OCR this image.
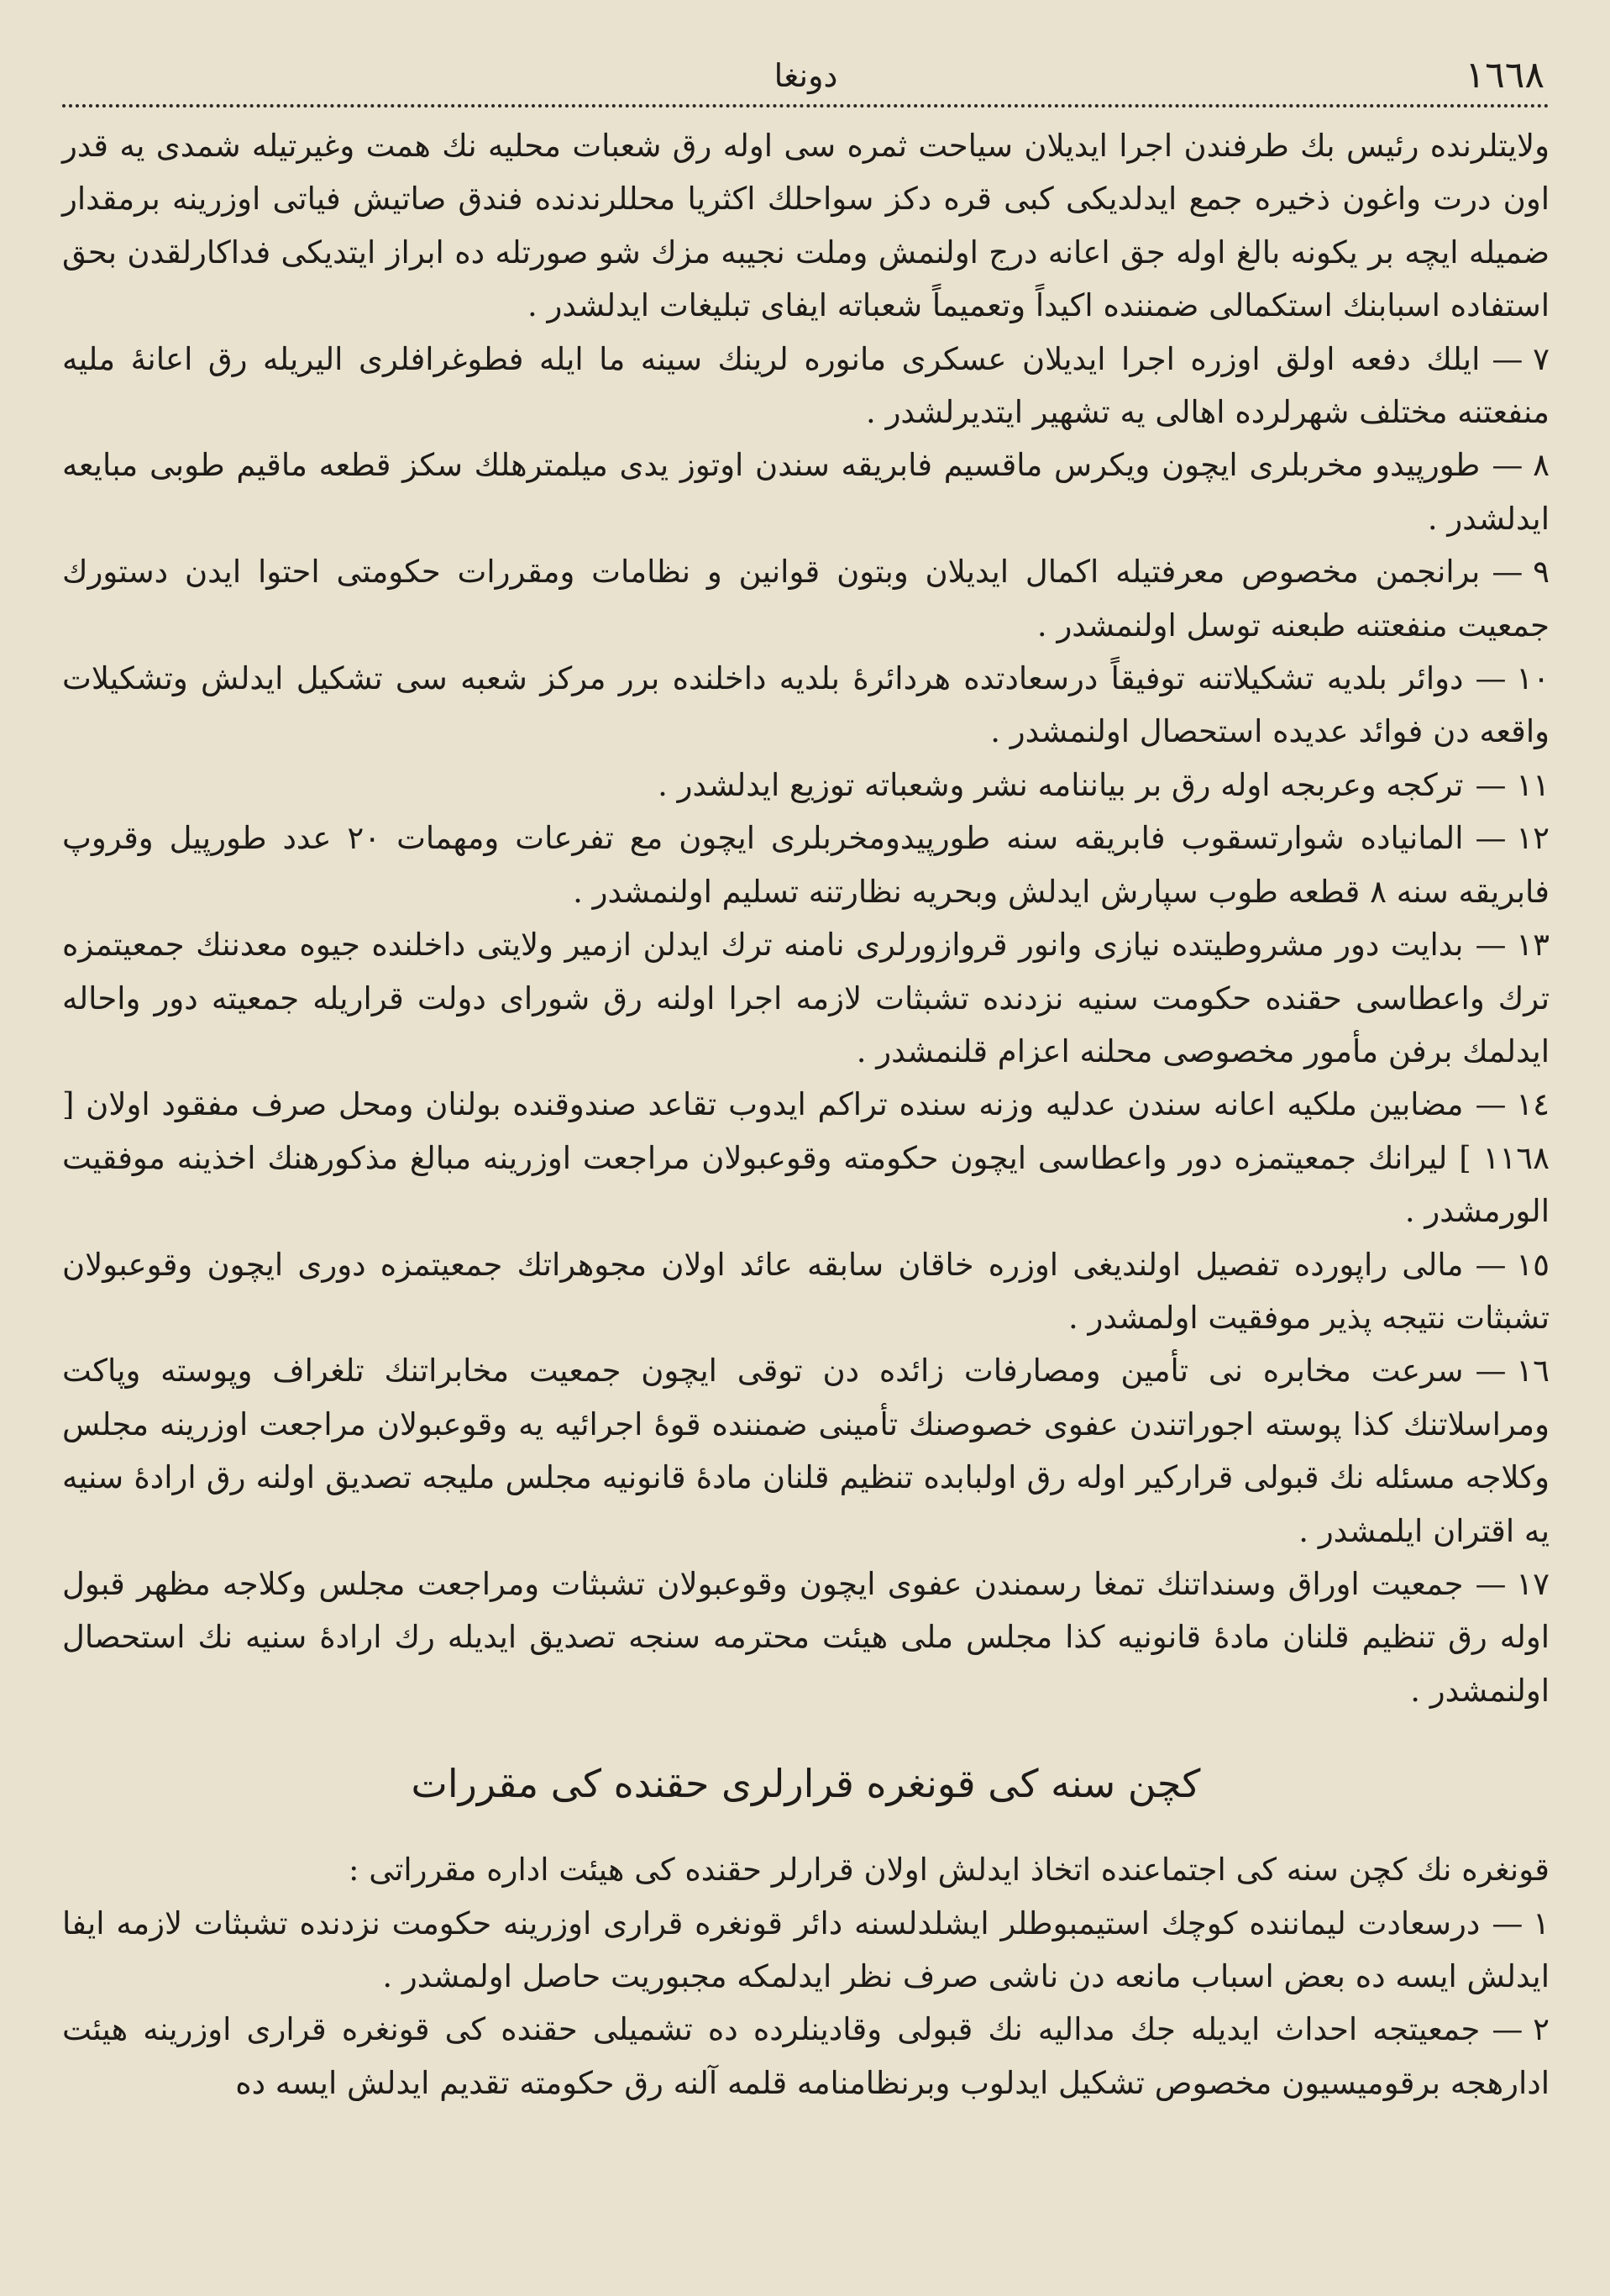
١٦٦٨
دونغا

ولايتلرنده رئيس بك طرفندن اجرا ايديلان سياحت ثمره سی اوله رق شعبات محليه نك همت وغيرتيله شمدی يه قدر اون درت واغون ذخيره جمع ايدلديکی کبی قره دکز سواحلك اکثريا محللرندنده فندق صاتيش فياتی اوزرينه برمقدار ضميله ايچه بر يکونه بالغ اوله جق اعانه درج اولنمش وملت نجيبه مزك شو صورتله ده ابراز ايتديکی فداکارلقدن بحق استفاده اسبابنك استکمالی ضمننده اکيداً وتعميماً شعباته ايفای تبليغات ايدلشدر .

٧ —ايلك دفعه اولق اوزره اجرا ايديلان عسکری مانوره لرينك سينه ما ايله فطوغرافلری اليريله رق اعانهٔ مليه منفعتنه مختلف شهرلرده اهالی يه تشهير ايتديرلشدر .

٨ —طورپيدو مخربلری ايچون ويکرس ماقسيم فابريقه سندن اوتوز يدی ميلمترهلك سکز قطعه ماقيم طوبی مبايعه ايدلشدر .

٩ —برانجمن مخصوص معرفتيله اکمال ايديلان وبتون قوانين و نظامات ومقررات حکومتی احتوا ايدن دستورك جمعيت منفعتنه طبعنه توسل اولنمشدر .

١٠ —دوائر بلديه تشکيلاتنه توفيقاً درسعادتده هردائرهٔ بلديه داخلنده برر مرکز شعبه سی تشکيل ايدلش وتشکيلات واقعه دن فوائد عديده استحصال اولنمشدر .

١١ —ترکجه وعربجه اوله رق بر بياننامه نشر وشعباته توزيع ايدلشدر .

١٢ —المانياده شوارتسقوب فابريقه سنه طورپيدومخربلری ايچون مع تفرعات ومهمات ٢٠ عدد طورپيل وقروپ فابريقه سنه ٨ قطعه طوب سپارش ايدلش وبحريه نظارتنه تسليم اولنمشدر .

١٣ —بدايت دور مشروطيتده نيازی وانور قروازورلری نامنه ترك ايدلن ازمير ولايتی داخلنده جيوه معدننك جمعيتمزه ترك واعطاسی حقنده حکومت سنيه نزدنده تشبثات لازمه اجرا اولنه رق شورای دولت قراريله جمعيته دور واحاله ايدلمك برفن مأمور مخصوصی محلنه اعزام قلنمشدر .

١٤ —مضابين ملکيه اعانه سندن عدليه وزنه سنده تراکم ايدوب تقاعد صندوقنده بولنان ومحل صرف مفقود اولان [ ١١٦٨ ] ليرانك جمعيتمزه دور واعطاسی ايچون حکومته وقوعبولان مراجعت اوزرينه مبالغ مذکورهنك اخذينه موفقيت الورمشدر .

١٥ —مالی راپورده تفصيل اولنديغی اوزره خاقان سابقه عائد اولان مجوهراتك جمعيتمزه دوری ايچون وقوعبولان تشبثات نتيجه پذير موفقيت اولمشدر .

١٦ —سرعت مخابره نی تأمين ومصارفات زائده دن توقی ايچون جمعيت مخابراتنك تلغراف وپوسته وپاکت ومراسلاتنك کذا پوسته اجوراتندن عفوی خصوصنك تأمينی ضمننده قوهٔ اجرائيه يه وقوعبولان مراجعت اوزرينه مجلس وکلاجه مسئله نك قبولی قرارکير اوله رق اولبابده تنظيم قلنان مادهٔ قانونيه مجلس مليجه تصديق اولنه رق ارادهٔ سنيه يه اقتران ايلمشدر .

١٧ —جمعيت اوراق وسنداتنك تمغا رسمندن عفوی ايچون وقوعبولان تشبثات ومراجعت مجلس وکلاجه مظهر قبول اوله رق تنظيم قلنان مادهٔ قانونيه کذا مجلس ملی هيئت محترمه سنجه تصديق ايديله رك ارادهٔ سنيه نك استحصال اولنمشدر .

کچن سنه کی قونغره قرارلری حقنده کی مقررات

قونغره نك کچن سنه کی اجتماعنده اتخاذ ايدلش اولان قرارلر حقنده کی هيئت اداره مقرراتی :

١ —درسعادت ليماننده کوچك استيمبوطلر ايشلدلسنه دائر قونغره قراری اوزرينه حکومت نزدنده تشبثات لازمه ايفا ايدلش ايسه ده بعض اسباب مانعه دن ناشی صرف نظر ايدلمکه مجبوريت حاصل اولمشدر .

٢ —جمعيتجه احداث ايديله جك مداليه نك قبولی وقادينلرده ده تشميلی حقنده کی قونغره قراری اوزرينه هيئت ادارهجه برقوميسيون مخصوص تشکيل ايدلوب وبرنظامنامه قلمه آلنه رق حکومته تقديم ايدلش ايسه ده
